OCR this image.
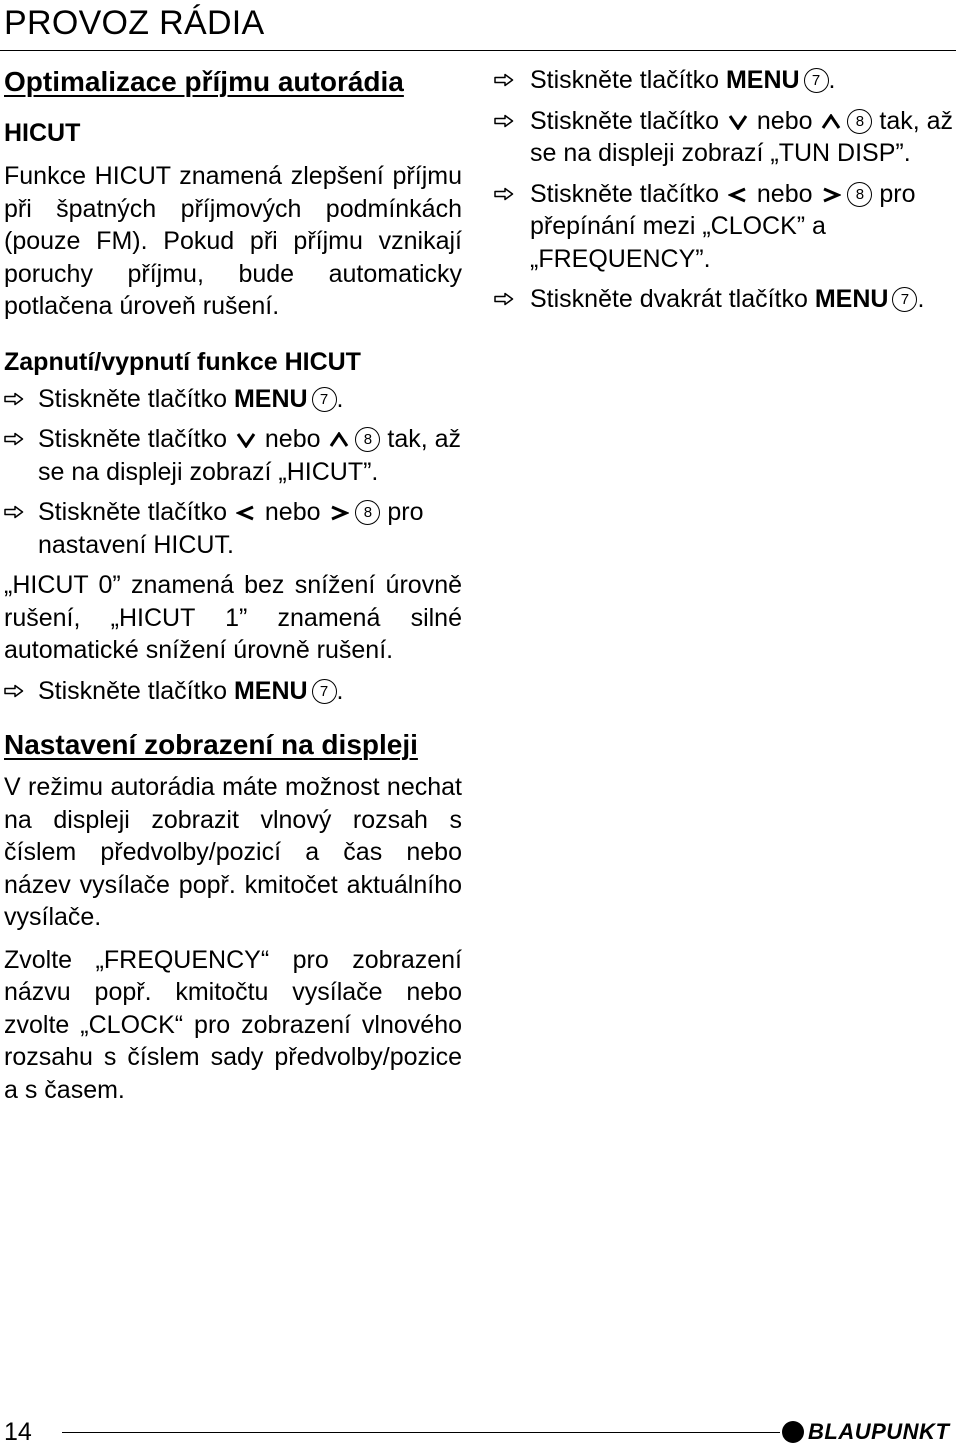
PROVOZ RÁDIA
Optimalizace příjmu autorádia
HICUT

Funkce HICUT znamená zlepšení příjmu při špatných příjmových podmínkách (pouze FM). Pokud při příjmu vznikají poruchy příjmu, bude automaticky potlačena úroveň rušení.

Zapnutí/vypnutí funkce HICUT
Stiskněte tlačítko MENU 7 .
Stiskněte tlačítko  nebo 8 tak, až se na displeji zobrazí „HICUT”.
Stiskněte tlačítko  nebo 8 pro nastavení HICUT.

„HICUT 0” znamená bez snížení úrovně rušení, „HICUT 1” znamená silné automatické snížení úrovně rušení.

Stiskněte tlačítko MENU 7 .
Nastavení zobrazení na displeji

V režimu autorádia máte možnost nechat na displeji zobrazit vlnový rozsah s číslem předvolby/pozicí a čas nebo název vysílače popř. kmitočet aktuálního vysílače.

Zvolte „FREQUENCY“ pro zobrazení názvu popř. kmitočtu vysílače nebo zvolte „CLOCK“ pro zobrazení vlnového rozsahu s číslem sady předvolby/pozice a s časem.

Stiskněte tlačítko MENU 7 .
Stiskněte tlačítko  nebo 8 tak, až se na displeji zobrazí „TUN DISP”.
Stiskněte tlačítko  nebo 8 pro přepínání mezi „CLOCK” a „FREQUENCY”.
Stiskněte dvakrát tlačítko MENU 7 .
14	BLAUPUNKT
